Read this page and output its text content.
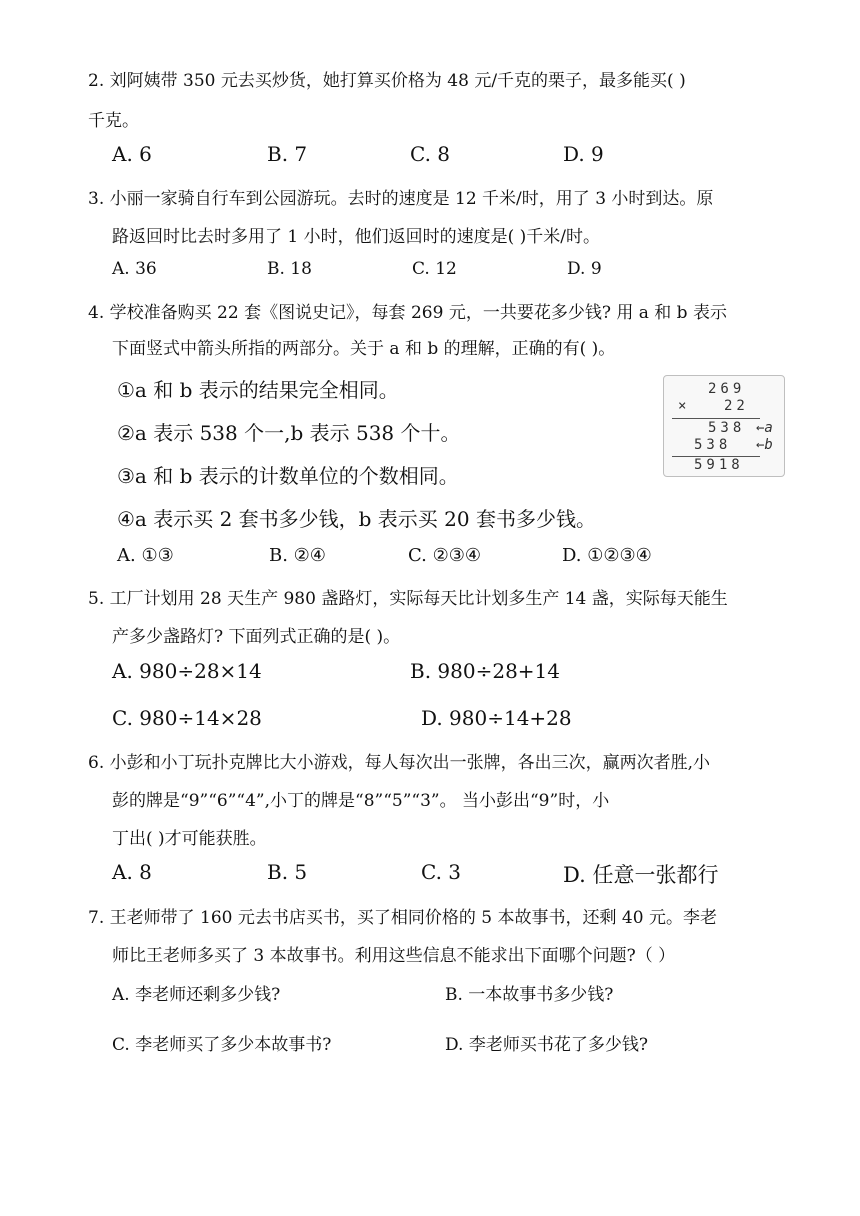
2. 刘阿姨带 350 元去买炒货，她打算买价格为 48 元/千克的栗子，最多能买( )
千克。
A. 6	B. 7	C. 8	D. 9
3. 小丽一家骑自行车到公园游玩。去时的速度是 12 千米/时，用了 3 小时到达。原
路返回时比去时多用了 1 小时，他们返回时的速度是( )千米/时。
A. 36	B. 18	C. 12	D. 9
4. 学校准备购买 22 套《图说史记》，每套 269 元，一共要花多少钱? 用 a 和 b 表示
下面竖式中箭头所指的两部分。关于 a 和 b 的理解，正确的有( )。
①a 和 b 表示的结果完全相同。
②a 表示 538 个一,b 表示 538 个十。
③a 和 b 表示的计数单位的个数相同。
④a 表示买 2 套书多少钱，b 表示买 20 套书多少钱。
269
×	22
538 ←a
538 ←b
5918
A. ①③	B. ②④	C. ②③④	D. ①②③④
5. 工厂计划用 28 天生产 980 盏路灯，实际每天比计划多生产 14 盏，实际每天能生
产多少盏路灯? 下面列式正确的是( )。
A. 980÷28×14	B. 980÷28+14
C. 980÷14×28	D. 980÷14+28
6. 小彭和小丁玩扑克牌比大小游戏，每人每次出一张牌，各出三次，赢两次者胜,小
彭的牌是“9”“6”“4”,小丁的牌是“8”“5”“3”。 当小彭出“9”时，小
丁出( )才可能获胜。
A. 8	B. 5	C. 3	D. 任意一张都行
7. 王老师带了 160 元去书店买书，买了相同价格的 5 本故事书，还剩 40 元。李老
师比王老师多买了 3 本故事书。利用这些信息不能求出下面哪个问题?（ ）
A. 李老师还剩多少钱?	B. 一本故事书多少钱?
C. 李老师买了多少本故事书?	D. 李老师买书花了多少钱?
